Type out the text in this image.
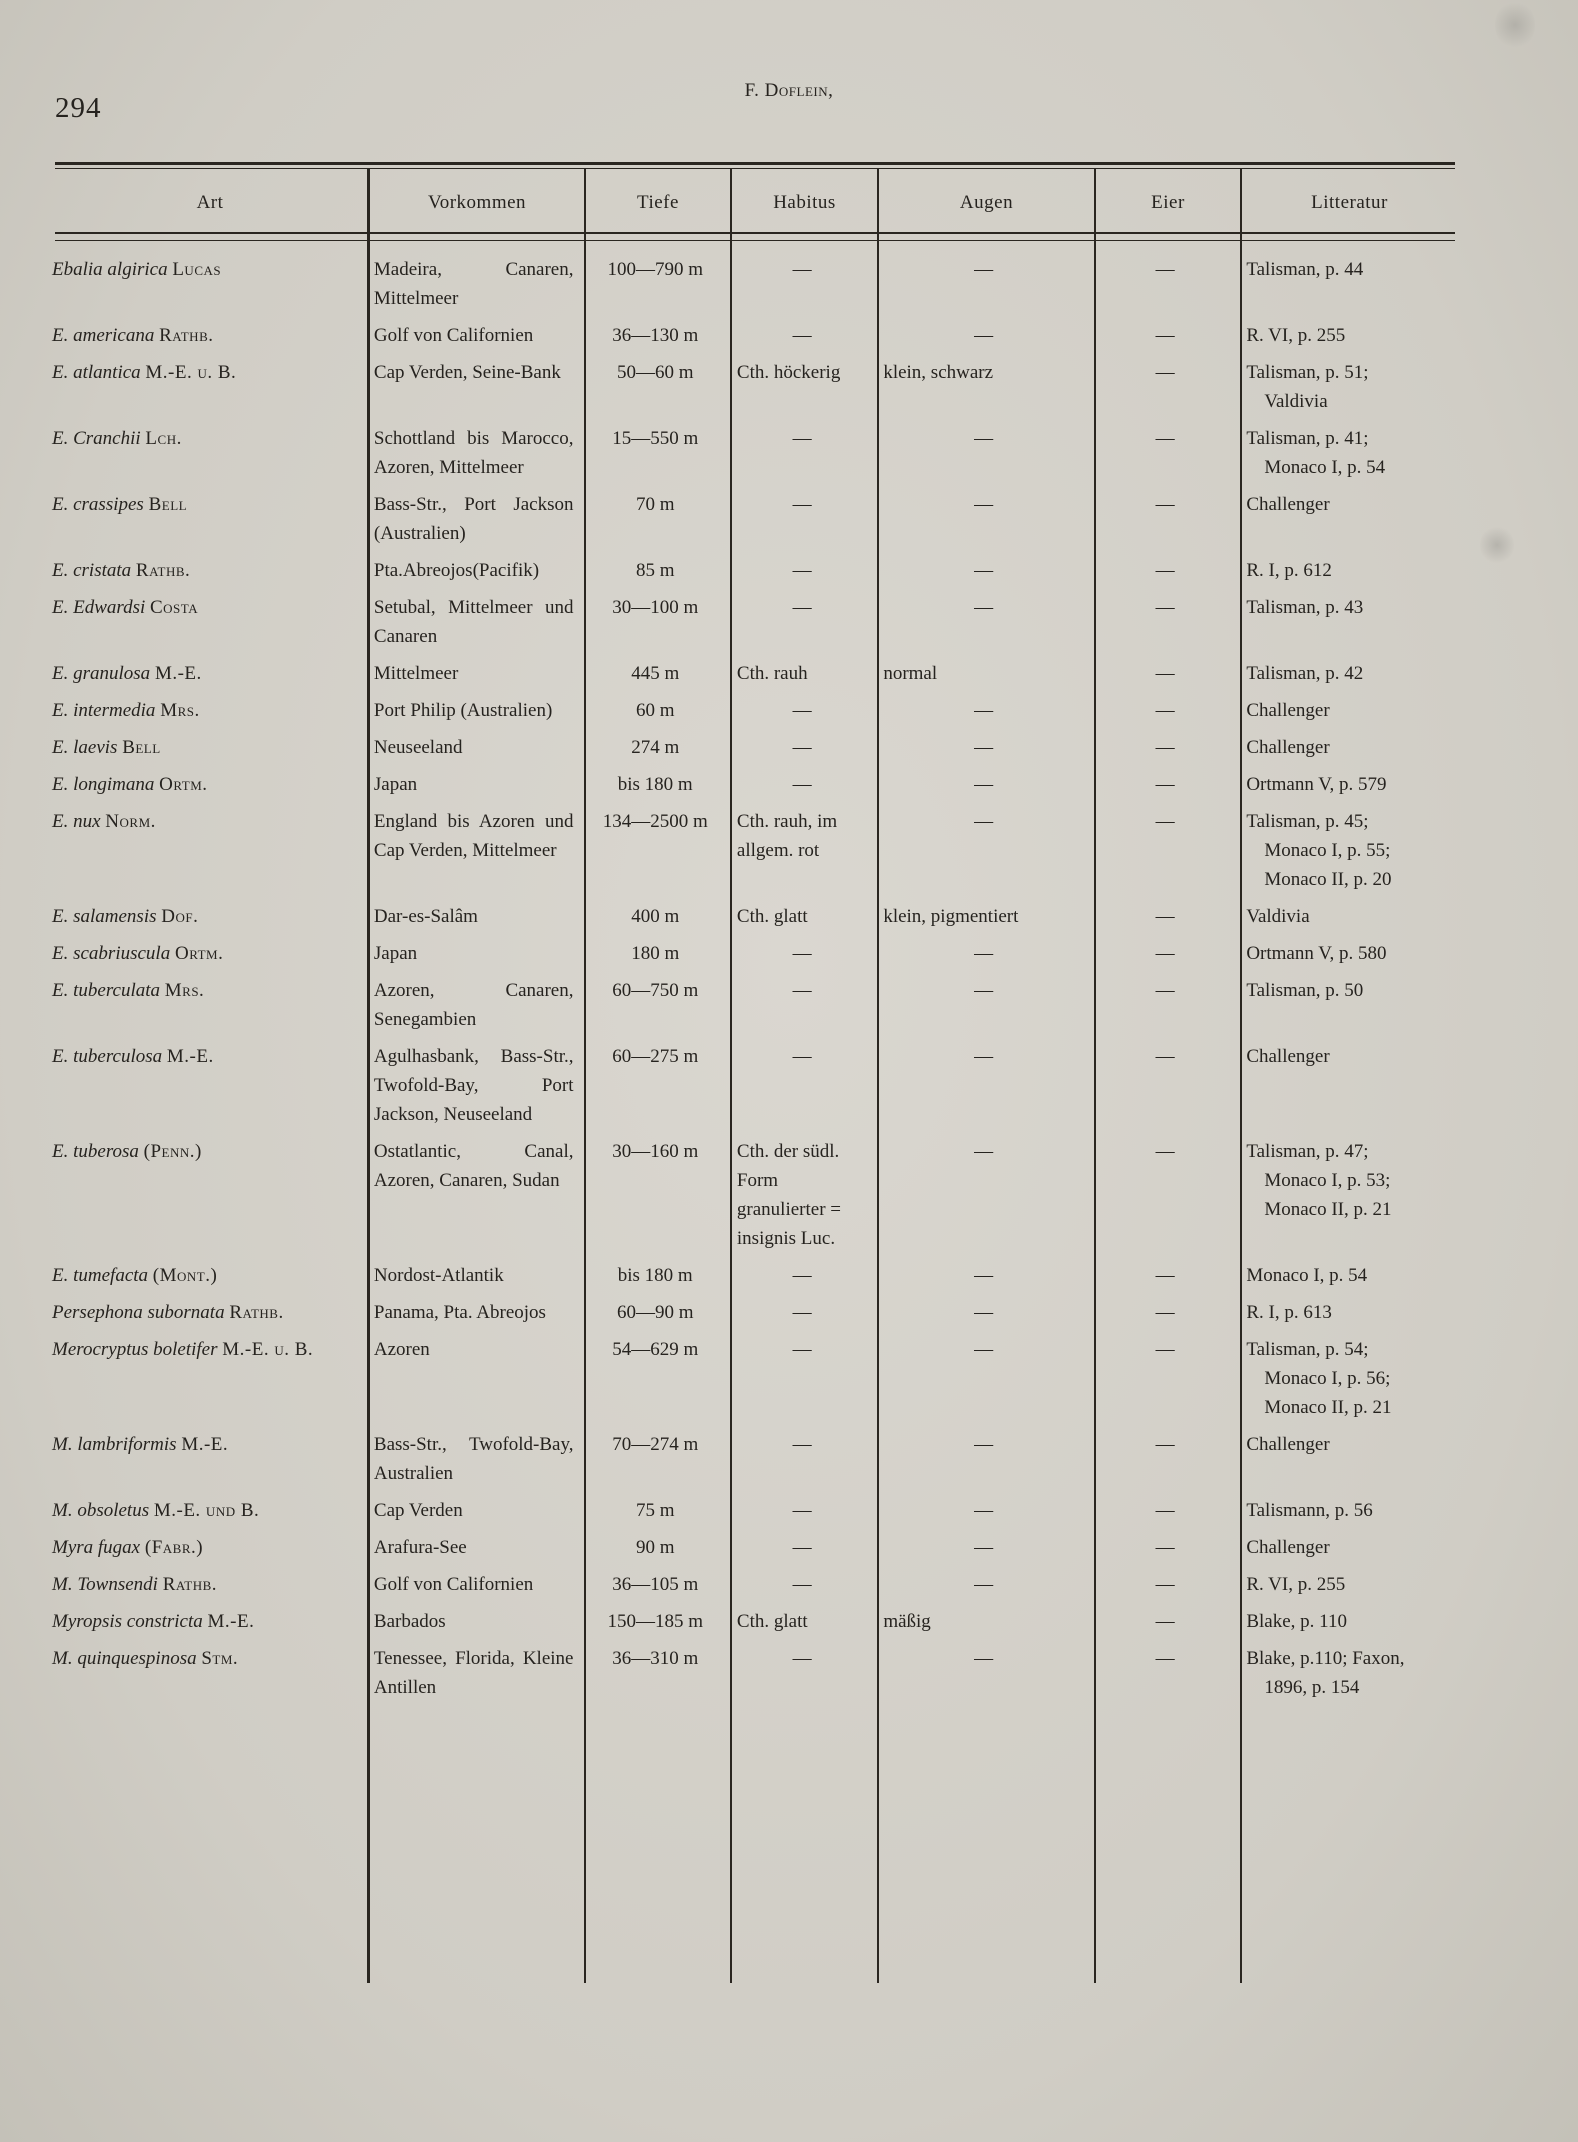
294
F. Doflein,
Art	Vorkommen	Tiefe	Habitus	Augen	Eier	Litteratur
Ebalia algirica Lucas	Madeira, Canaren, Mittelmeer	100—790 m	—	—	—	Talisman, p. 44

E. americana Rathb.	Golf von Californien	36—130 m	—	—	—	R. VI, p. 255

E. atlantica M.-E. u. B.	Cap Verden, Seine-Bank	50—60 m	Cth. höckerig	klein, schwarz	—	Talisman, p. 51;
Valdivia

E. Cranchii Lch.	Schottland bis Marocco, Azoren, Mittelmeer	15—550 m	—	—	—	Talisman, p. 41;
Monaco I, p. 54

E. crassipes Bell	Bass-Str., Port Jackson (Australien)	70 m	—	—	—	Challenger

E. cristata Rathb.	Pta.Abreojos(Pacifik)	85 m	—	—	—	R. I, p. 612

E. Edwardsi Costa	Setubal, Mittelmeer und Canaren	30—100 m	—	—	—	Talisman, p. 43

E. granulosa M.-E.	Mittelmeer	445 m	Cth. rauh	normal	—	Talisman, p. 42

E. intermedia Mrs.	Port Philip (Australien)	60 m	—	—	—	Challenger

E. laevis Bell	Neuseeland	274 m	—	—	—	Challenger

E. longimana Ortm.	Japan	bis 180 m	—	—	—	Ortmann V, p. 579

E. nux Norm.	England bis Azoren und Cap Verden, Mittelmeer	134—2500 m	Cth. rauh, im allgem. rot	—	—	Talisman, p. 45;
Monaco I, p. 55;
Monaco II, p. 20

E. salamensis Dof.	Dar-es-Salâm	400 m	Cth. glatt	klein, pigmentiert	—	Valdivia

E. scabriuscula Ortm.	Japan	180 m	—	—	—	Ortmann V, p. 580

E. tuberculata Mrs.	Azoren, Canaren, Senegambien	60—750 m	—	—	—	Talisman, p. 50

E. tuberculosa M.-E.	Agulhasbank, Bass-Str., Twofold-Bay, Port Jackson, Neuseeland	60—275 m	—	—	—	Challenger

E. tuberosa (Penn.)	Ostatlantic, Canal, Azoren, Canaren, Sudan	30—160 m	Cth. der südl. Form granulierter = insignis Luc.	—	—	Talisman, p. 47;
Monaco I, p. 53;
Monaco II, p. 21

E. tumefacta (Mont.)	Nordost-Atlantik	bis 180 m	—	—	—	Monaco I, p. 54

Persephona subornata Rathb.	Panama, Pta. Abreojos	60—90 m	—	—	—	R. I, p. 613

Merocryptus boletifer M.-E. u. B.	Azoren	54—629 m	—	—	—	Talisman, p. 54;
Monaco I, p. 56;
Monaco II, p. 21

M. lambriformis M.-E.	Bass-Str., Twofold-Bay, Australien	70—274 m	—	—	—	Challenger

M. obsoletus M.-E. und B.	Cap Verden	75 m	—	—	—	Talismann, p. 56

Myra fugax (Fabr.)	Arafura-See	90 m	—	—	—	Challenger

M. Townsendi Rathb.	Golf von Californien	36—105 m	—	—	—	R. VI, p. 255

Myropsis constricta M.-E.	Barbados	150—185 m	Cth. glatt	mäßig	—	Blake, p. 110

M. quinquespinosa Stm.	Tenessee, Florida, Kleine Antillen	36—310 m	—	—	—	Blake, p.110; Faxon,
1896, p. 154
